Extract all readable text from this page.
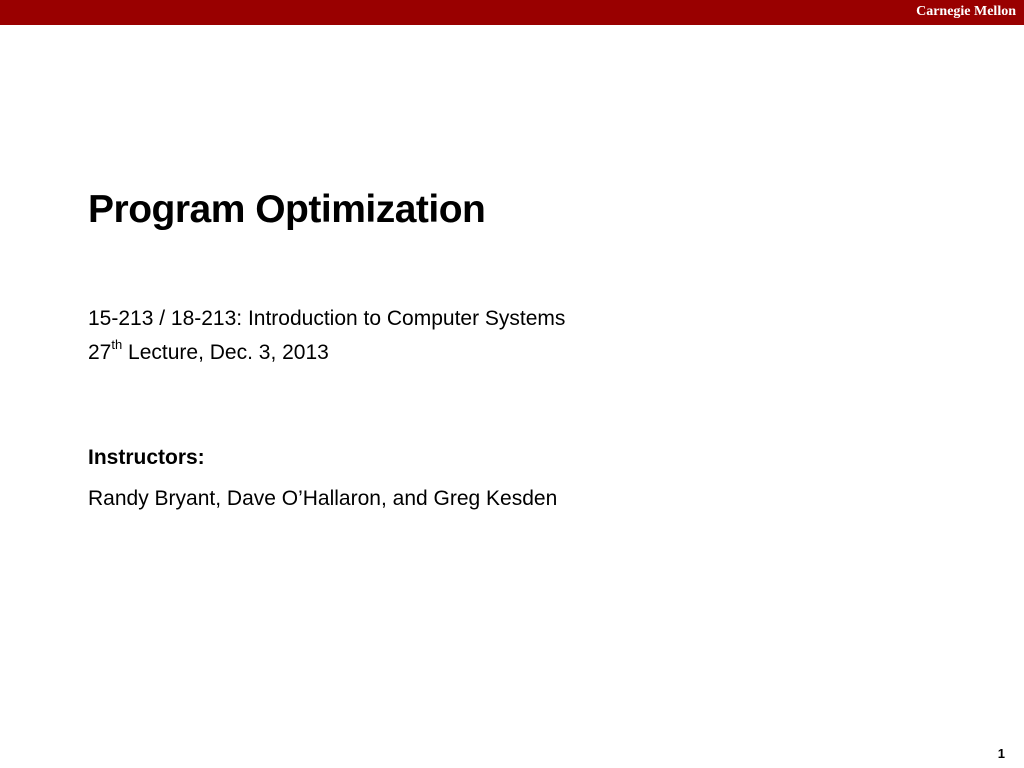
Carnegie Mellon
Program Optimization
15-213 / 18-213: Introduction to Computer Systems
27th Lecture, Dec. 3, 2013
Instructors:
Randy Bryant, Dave O’Hallaron, and Greg Kesden
1
